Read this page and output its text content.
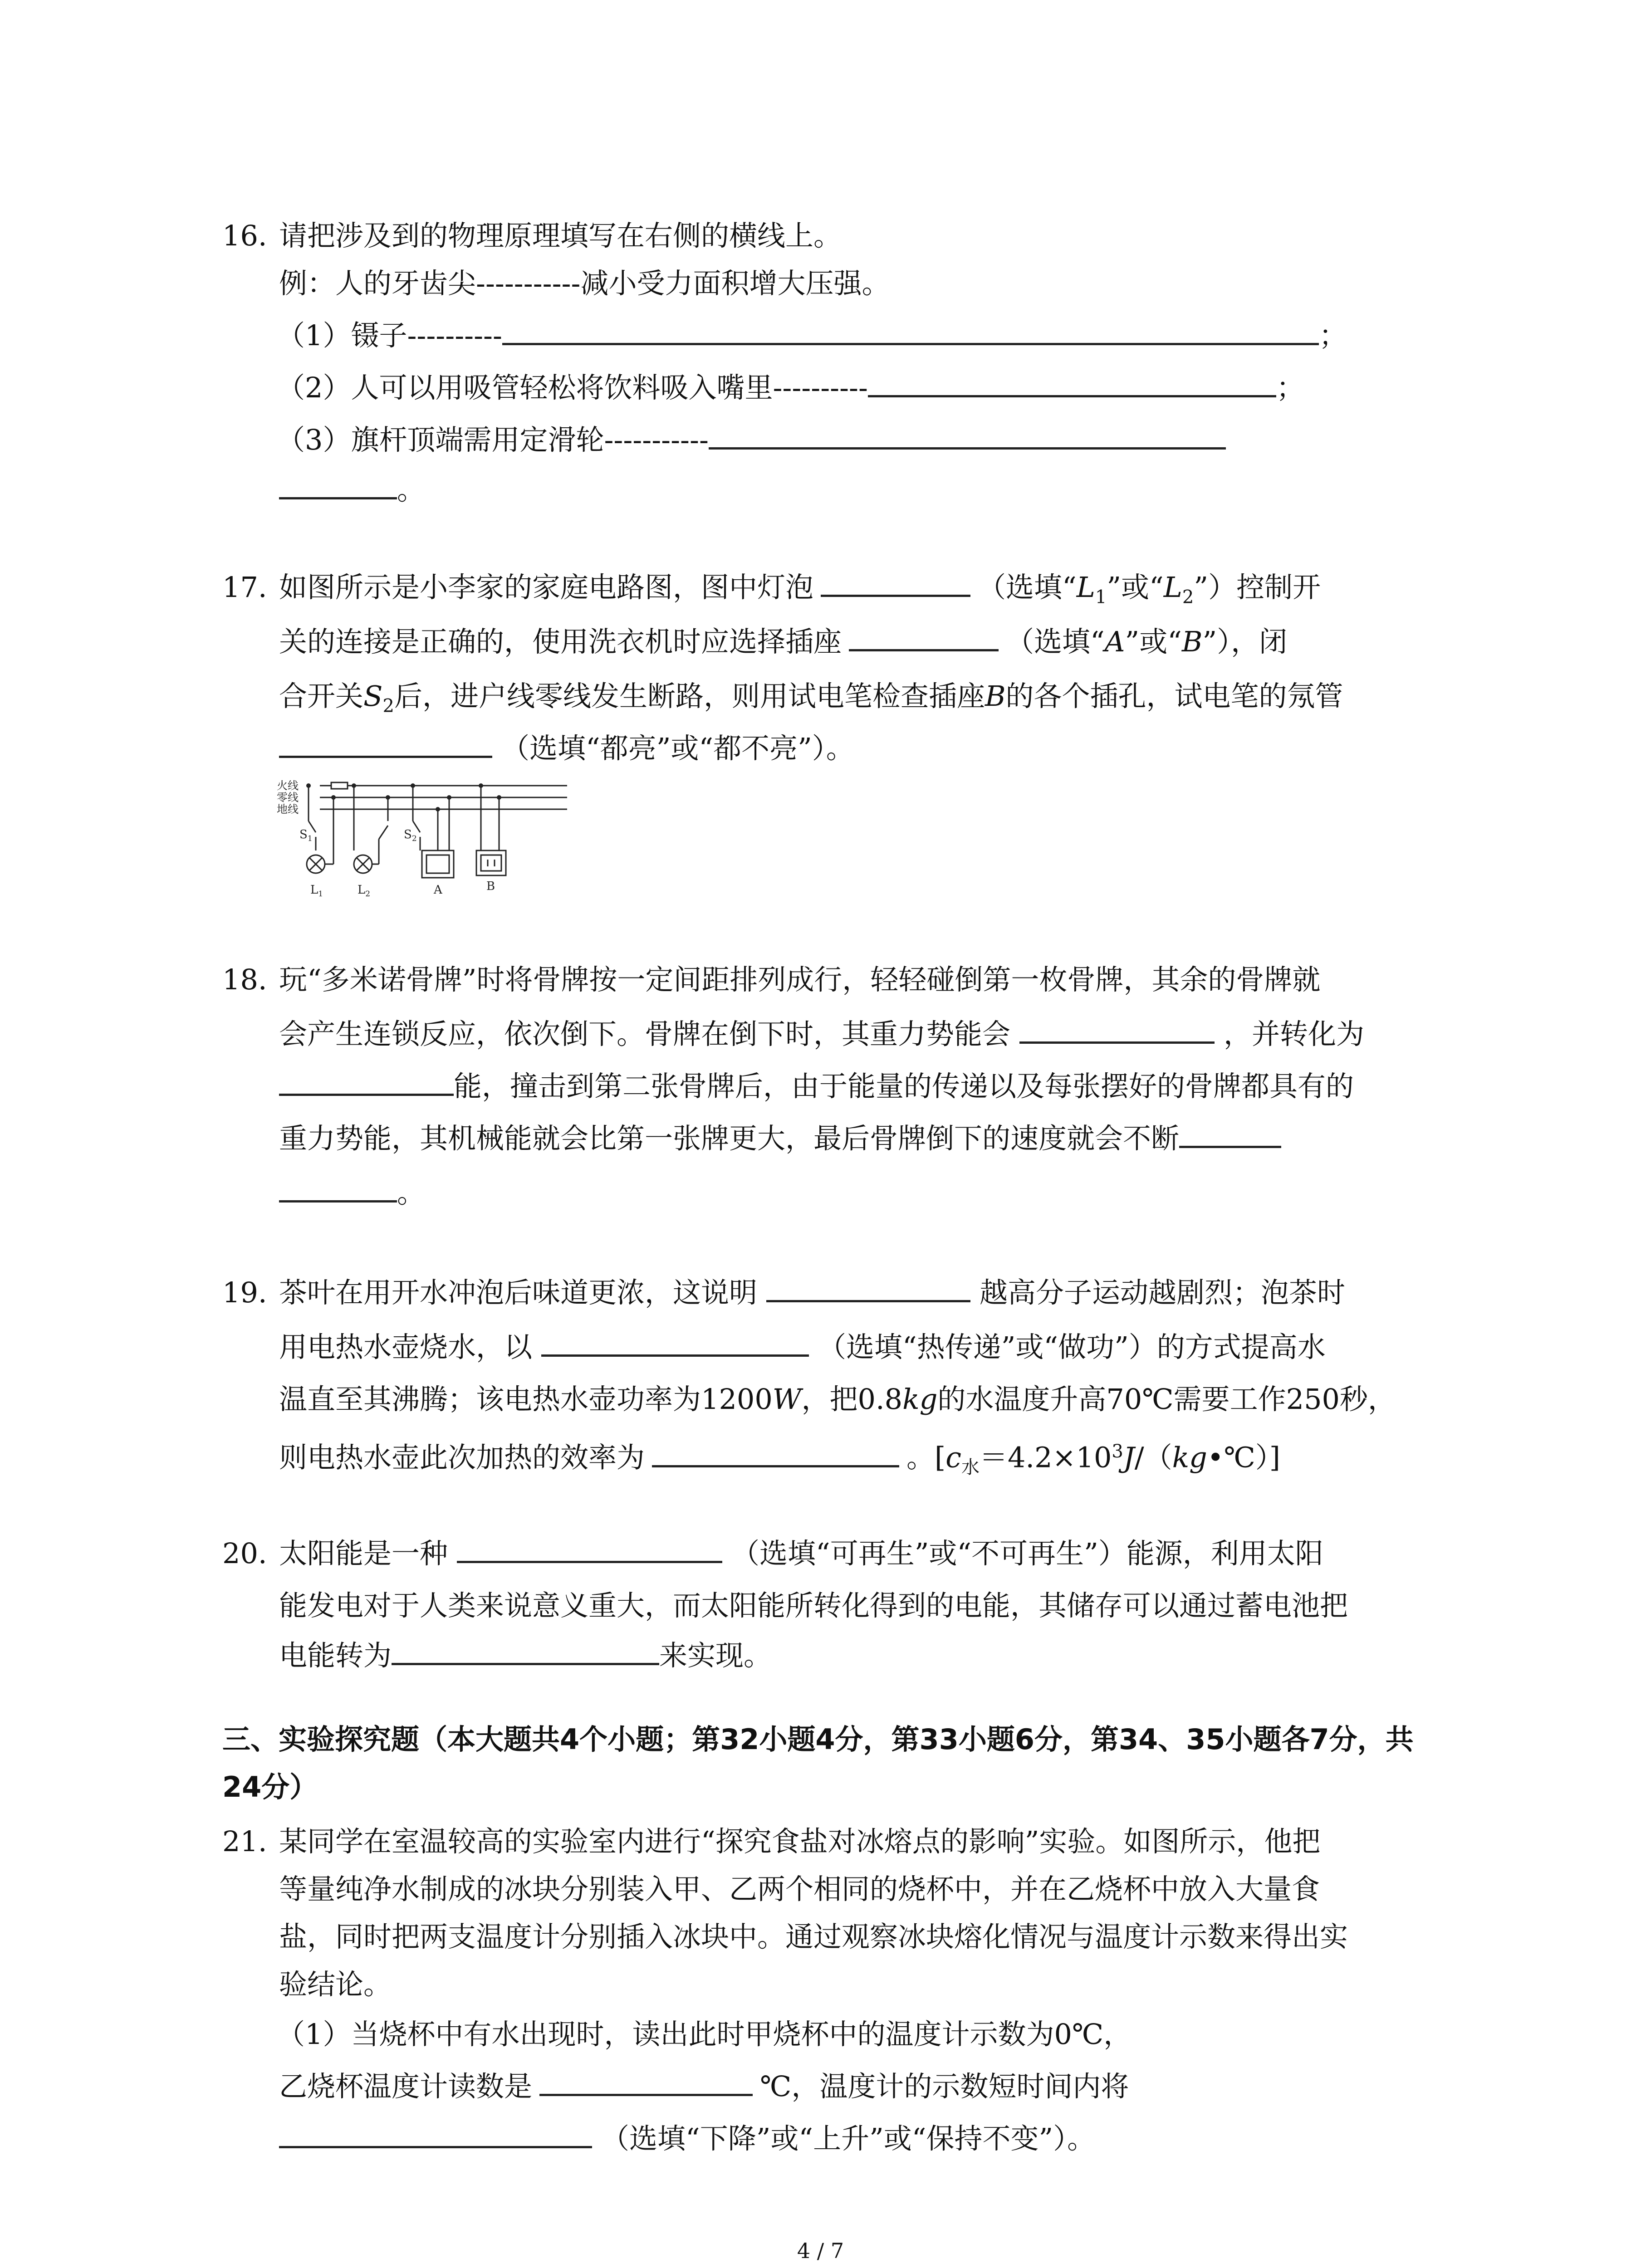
16. 请把涉及到的物理原理填写在右侧的横线上。
例：人的牙齿尖-----------减小受力面积增大压强。
（1）镊子----------	；
（2）人可以用吸管轻松将饮料吸入嘴里----------	；
（3）旗杆顶端需用定滑轮-----------
。
17. 如图所示是小李家的家庭电路图，图中灯泡	（选填“$L_1$”或“$L_2$”）控制开
关的连接是正确的，使用洗衣机时应选择插座	（选填“A”或“B”），闭
合开关$S_2$后，进户线零线发生断路，则用试电笔检查插座B的各个插孔，试电笔的氖管
（选填“都亮”或“都不亮”）。
火线
零线
地线
$S_1$	$S_2$
$L_1$	$L_2$	A	B
18. 玩“多米诺骨牌”时将骨牌按一定间距排列成行，轻轻碰倒第一枚骨牌，其余的骨牌就
会产生连锁反应，依次倒下。骨牌在倒下时，其重力势能会	，并转化为
能，撞击到第二张骨牌后，由于能量的传递以及每张摆好的骨牌都具有的
重力势能，其机械能就会比第一张牌更大，最后骨牌倒下的速度就会不断
。
19. 茶叶在用开水冲泡后味道更浓，这说明	越高分子运动越剧烈；泡茶时
用电热水壶烧水，以	（选填“热传递”或“做功”）的方式提高水
温直至其沸腾；该电热水壶功率为1200W，把0.8kg的水温度升高70℃需要工作250秒，
则电热水壶此次加热的效率为	。$[c_水=4.2\times 10^3J/(kg•℃)]$
20. 太阳能是一种	（选填“可再生”或“不可再生”）能源，利用太阳
能发电对于人类来说意义重大，而太阳能所转化得到的电能，其储存可以通过蓄电池把
电能转为	来实现。
三、实验探究题（本大题共4个小题；第32小题4分，第33小题6分，第34、35小题各7分，共
24分）
21. 某同学在室温较高的实验室内进行“探究食盐对冰熔点的影响”实验。如图所示，他把
等量纯净水制成的冰块分别装入甲、乙两个相同的烧杯中，并在乙烧杯中放入大量食
盐，同时把两支温度计分别插入冰块中。通过观察冰块熔化情况与温度计示数来得出实
验结论。
（1）当烧杯中有水出现时，读出此时甲烧杯中的温度计示数为0℃，
乙烧杯温度计读数是	℃，温度计的示数短时间内将
（选填“下降”或“上升”或“保持不变”）。
4 / 7
